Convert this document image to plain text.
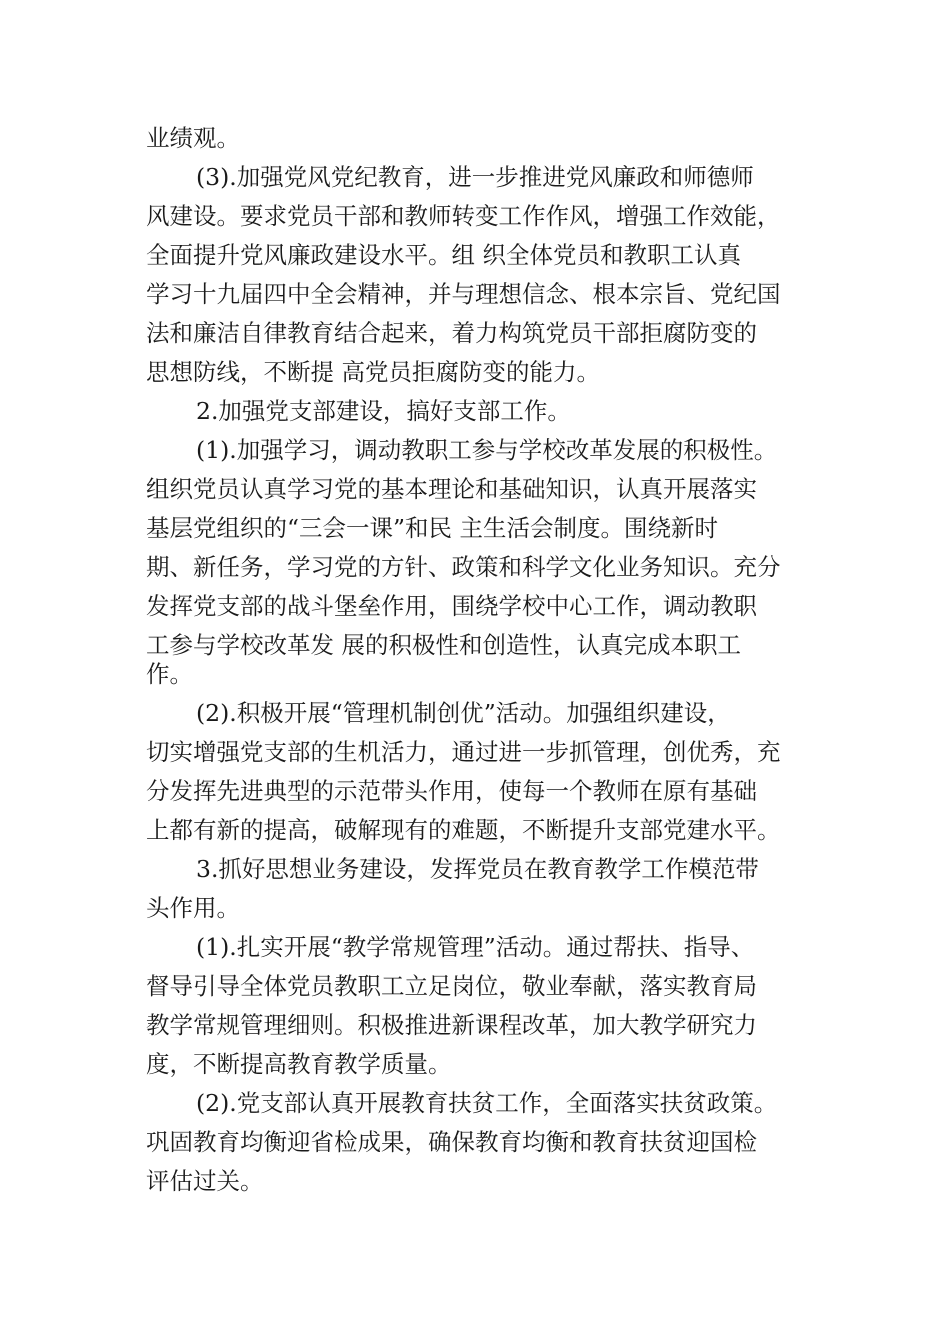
业绩观。
(3).加强党风党纪教育，进一步推进党风廉政和师德师
风建设。要求党员干部和教师转变工作作风，增强工作效能，
全面提升党风廉政建设水平。组 织全体党员和教职工认真
学习十九届四中全会精神，并与理想信念、根本宗旨、党纪国
法和廉洁自律教育结合起来，着力构筑党员干部拒腐防变的
思想防线，不断提 高党员拒腐防变的能力。
2.加强党支部建设，搞好支部工作。
(1).加强学习，调动教职工参与学校改革发展的积极性。
组织党员认真学习党的基本理论和基础知识，认真开展落实
基层党组织的“三会一课”和民 主生活会制度。围绕新时
期、新任务，学习党的方针、政策和科学文化业务知识。充分
发挥党支部的战斗堡垒作用，围绕学校中心工作，调动教职
工参与学校改革发 展的积极性和创造性，认真完成本职工
作。
(2).积极开展“管理机制创优”活动。加强组织建设，
切实增强党支部的生机活力，通过进一步抓管理，创优秀，充
分发挥先进典型的示范带头作用，使每一个教师在原有基础
上都有新的提高，破解现有的难题，不断提升支部党建水平。
3.抓好思想业务建设，发挥党员在教育教学工作模范带
头作用。
(1).扎实开展“教学常规管理”活动。通过帮扶、指导、
督导引导全体党员教职工立足岗位，敬业奉献，落实教育局
教学常规管理细则。积极推进新课程改革，加大教学研究力
度，不断提高教育教学质量。
(2).党支部认真开展教育扶贫工作，全面落实扶贫政策。
巩固教育均衡迎省检成果，确保教育均衡和教育扶贫迎国检
评估过关。
